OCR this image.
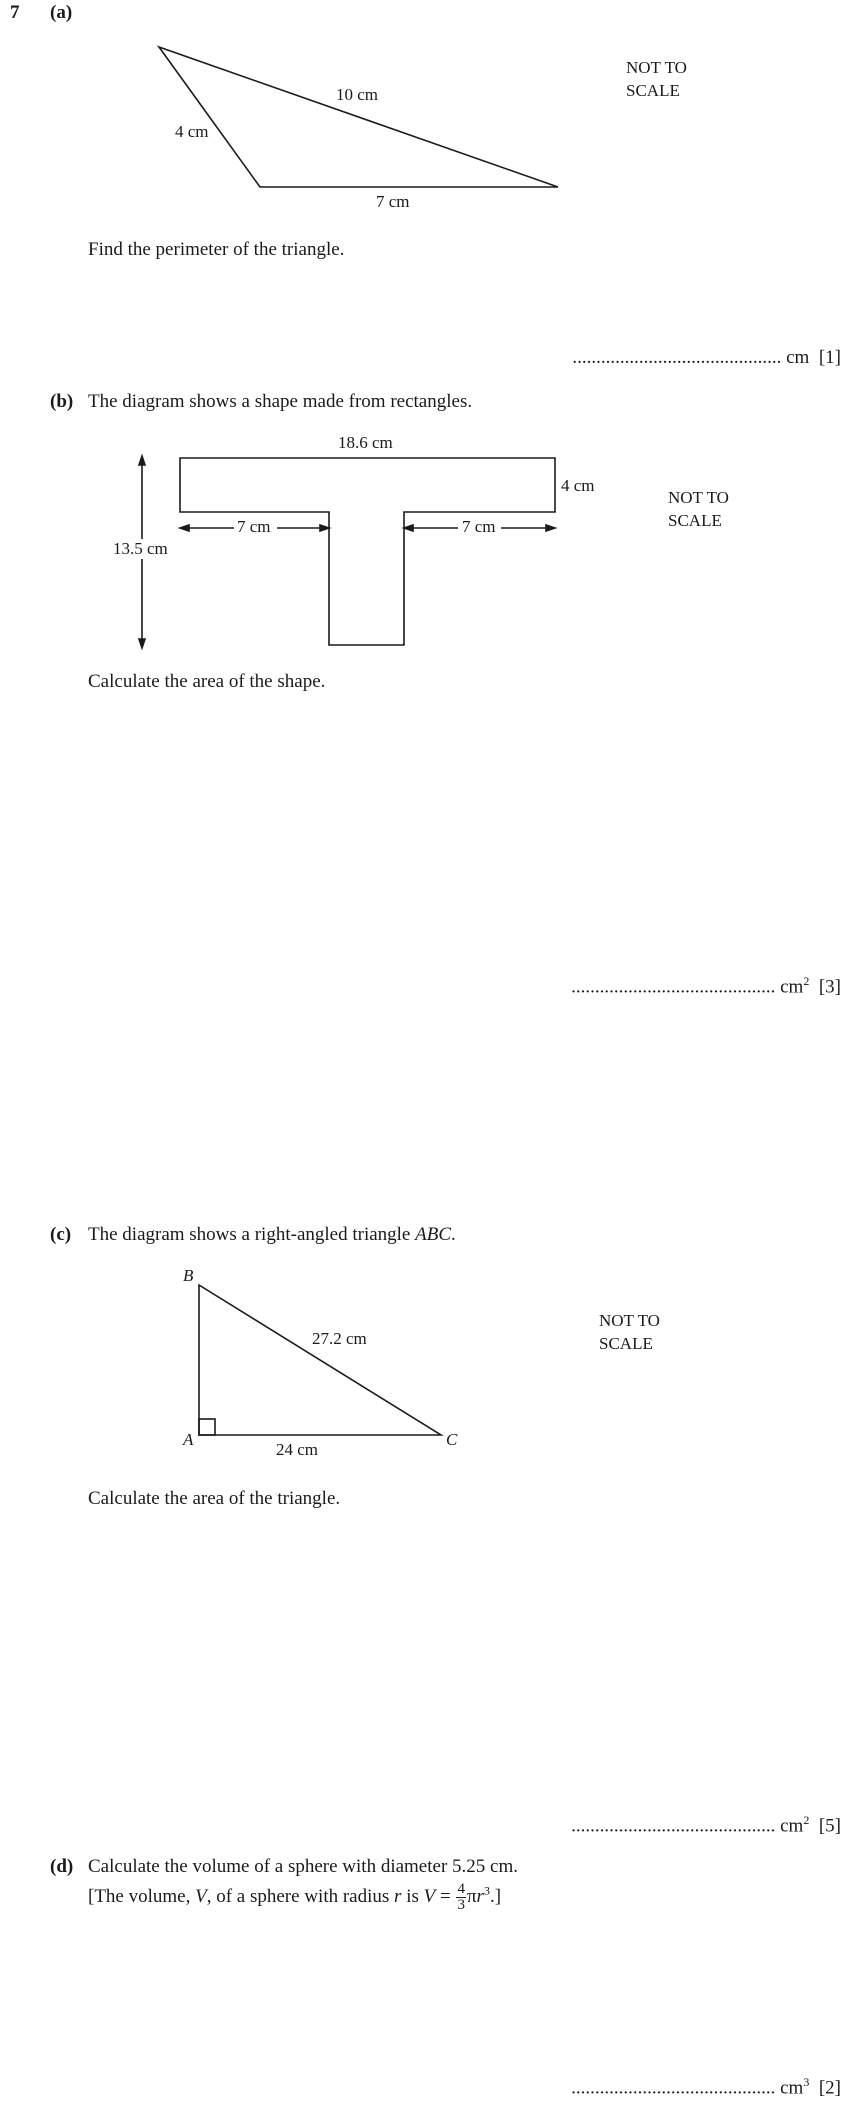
7 (a)
10 cm
4 cm
7 cm
NOT TO
SCALE
Find the perimeter of the triangle.
............................................ cm [1]
(b) The diagram shows a shape made from rectangles.
18.6 cm
4 cm
7 cm	7 cm
13.5 cm
NOT TO
SCALE
Calculate the area of the shape.
........................................... $cm^2$ [3]
(c) The diagram shows a right-angled triangle ABC.
B
A	C
27.2 cm
24 cm
NOT TO
SCALE
Calculate the area of the triangle.
........................................... $cm^2$ [5]
(d) Calculate the volume of a sphere with diameter 5.25 cm.
[The volume, V, of a sphere with radius r is $V = \frac{4}{3} \pi r^3$.]
........................................... $cm^3$ [2]
